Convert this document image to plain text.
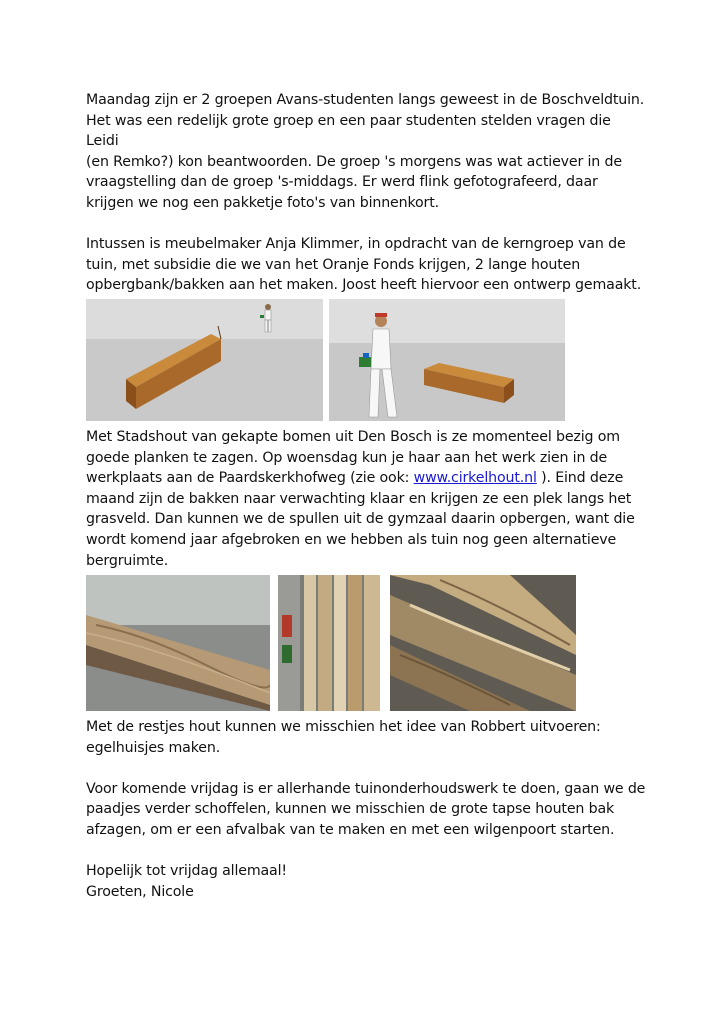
Maandag zijn er 2 groepen Avans-studenten langs geweest in de Boschveldtuin.

Het was een redelijk grote groep en een paar studenten stelden vragen die Leidi

(en Remko?) kon beantwoorden. De groep 's morgens was wat actiever in de

vraagstelling dan de groep 's-middags. Er werd flink gefotografeerd, daar

krijgen we nog een pakketje foto's van binnenkort.

Intussen is meubelmaker Anja Klimmer, in opdracht van de kerngroep van de

tuin, met subsidie die we van het Oranje Fonds krijgen, 2 lange houten

opbergbank/bakken aan het maken. Joost heeft hiervoor een ontwerp gemaakt.

Met Stadshout van gekapte bomen uit Den Bosch is ze momenteel bezig om

goede planken te zagen. Op woensdag kun je haar aan het werk zien in de

werkplaats aan de Paardskerkhofweg (zie ook: www.cirkelhout.nl ). Eind deze

maand zijn de bakken naar verwachting klaar en krijgen ze een plek langs het

grasveld. Dan kunnen we de spullen uit de gymzaal daarin opbergen, want die

wordt komend jaar afgebroken en we hebben als tuin nog geen alternatieve

bergruimte.

Met de restjes hout kunnen we misschien het idee van Robbert uitvoeren:

egelhuisjes maken.

Voor komende vrijdag is er allerhande tuinonderhoudswerk te doen, gaan we de

paadjes verder schoffelen, kunnen we misschien de grote tapse houten bak

afzagen, om er een afvalbak van te maken en met een wilgenpoort starten.

Hopelijk tot vrijdag allemaal!

Groeten, Nicole
